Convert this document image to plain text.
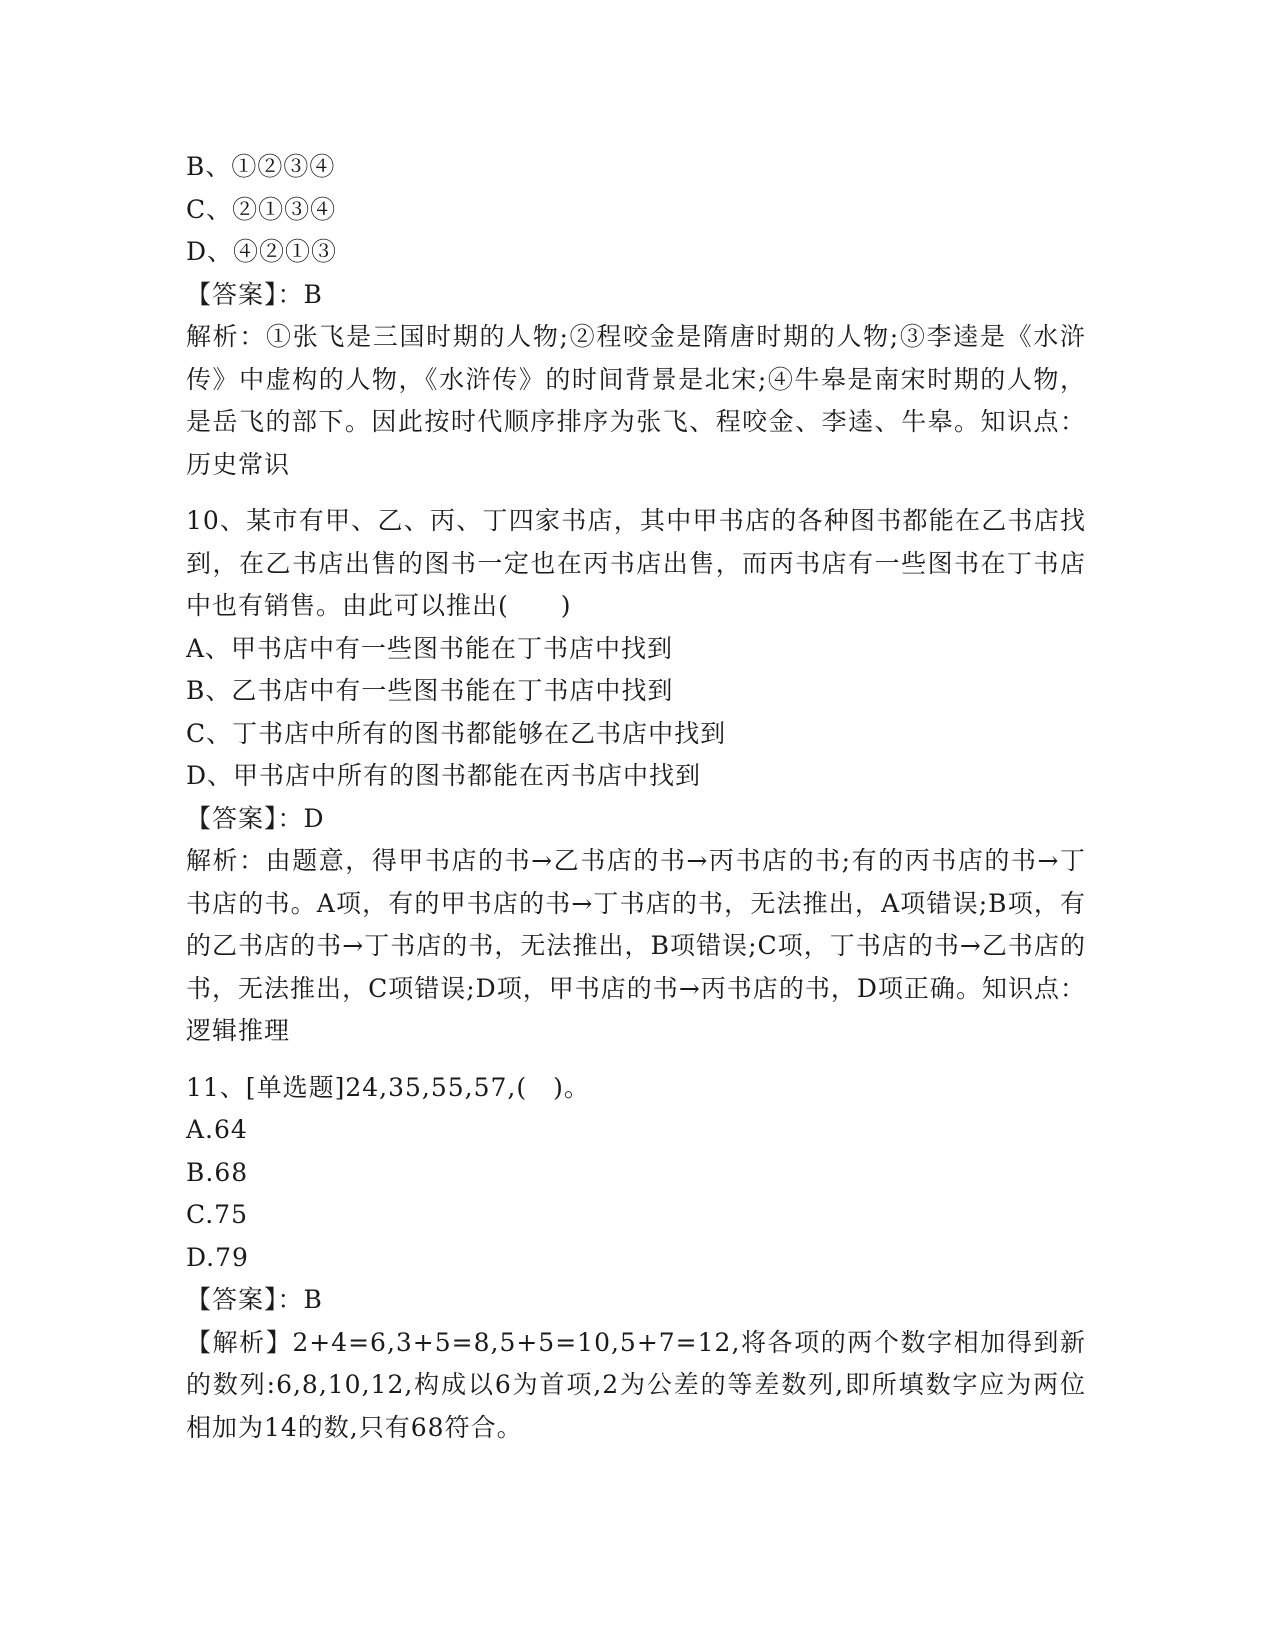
B、①②③④
C、②①③④
D、④②①③
【答案】：B
解析：①张飞是三国时期的人物;②程咬金是隋唐时期的人物;③李逵是《水浒传》中虚构的人物，《水浒传》的时间背景是北宋;④牛皋是南宋时期的人物，是岳飞的部下。因此按时代顺序排序为张飞、程咬金、李逵、牛皋。知识点：历史常识
10、某市有甲、乙、丙、丁四家书店，其中甲书店的各种图书都能在乙书店找到，在乙书店出售的图书一定也在丙书店出售，而丙书店有一些图书在丁书店中也有销售。由此可以推出(　　)
A、甲书店中有一些图书能在丁书店中找到
B、乙书店中有一些图书能在丁书店中找到
C、丁书店中所有的图书都能够在乙书店中找到
D、甲书店中所有的图书都能在丙书店中找到
【答案】：D
解析：由题意，得甲书店的书→乙书店的书→丙书店的书;有的丙书店的书→丁书店的书。A项，有的甲书店的书→丁书店的书，无法推出，A项错误;B项，有的乙书店的书→丁书店的书，无法推出，B项错误;C项，丁书店的书→乙书店的书，无法推出，C项错误;D项，甲书店的书→丙书店的书，D项正确。知识点：逻辑推理
11、[单选题]24,35,55,57,(　)。
A.64
B.68
C.75
D.79
【答案】：B
【解析】2+4=6,3+5=8,5+5=10,5+7=12,将各项的两个数字相加得到新的数列:6,8,10,12,构成以6为首项,2为公差的等差数列,即所填数字应为两位相加为14的数,只有68符合。
